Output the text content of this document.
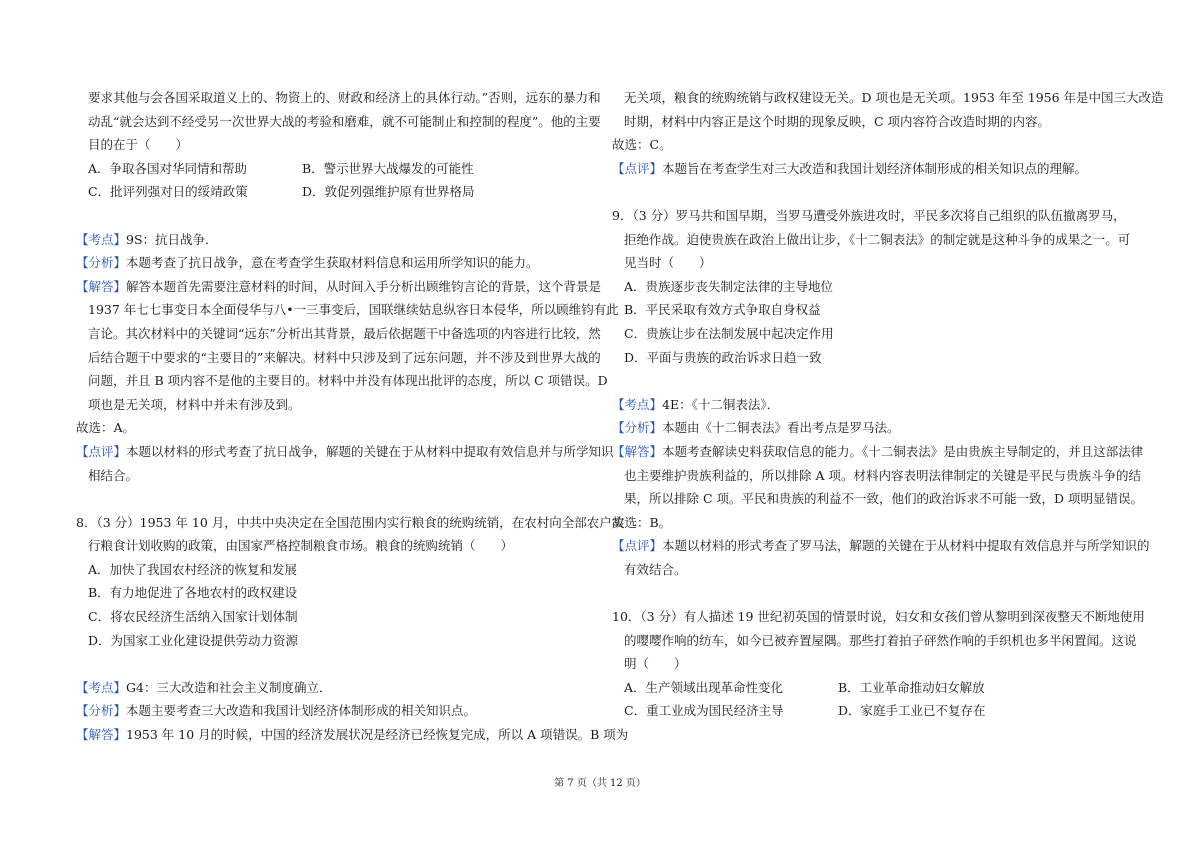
要求其他与会各国采取道义上的、物资上的、财政和经济上的具体行动。”否则，远东的暴力和
动乱“就会达到不经受另一次世界大战的考验和磨难，就不可能制止和控制的程度”。他的主要
目的在于（　　）
A．争取各国对华同情和帮助	B．警示世界大战爆发的可能性
C．批评列强对日的绥靖政策	D．敦促列强维护原有世界格局
【考点】9S：抗日战争．
【分析】本题考查了抗日战争，意在考查学生获取材料信息和运用所学知识的能力。
【解答】解答本题首先需要注意材料的时间，从时间入手分析出顾维钧言论的背景，这个背景是
1937 年七七事变日本全面侵华与八•一三事变后，国联继续姑息纵容日本侵华，所以顾维钧有此
言论。其次材料中的关键词“远东”分析出其背景，最后依据题干中备选项的内容进行比较，然
后结合题干中要求的“主要目的”来解决。材料中只涉及到了远东问题，并不涉及到世界大战的
问题，并且 B 项内容不是他的主要目的。材料中并没有体现出批评的态度，所以 C 项错误。D
项也是无关项，材料中并未有涉及到。
故选：A。
【点评】本题以材料的形式考查了抗日战争，解题的关键在于从材料中提取有效信息并与所学知识
相结合。
8．（3 分）1953 年 10 月，中共中央决定在全国范围内实行粮食的统购统销，在农村向全部农户实
行粮食计划收购的政策，由国家严格控制粮食市场。粮食的统购统销（　　）
A．加快了我国农村经济的恢复和发展
B．有力地促进了各地农村的政权建设
C．将农民经济生活纳入国家计划体制
D．为国家工业化建设提供劳动力资源
【考点】G4：三大改造和社会主义制度确立．
【分析】本题主要考查三大改造和我国计划经济体制形成的相关知识点。
【解答】1953 年 10 月的时候，中国的经济发展状况是经济已经恢复完成，所以 A 项错误。B 项为
无关项，粮食的统购统销与政权建设无关。D 项也是无关项。1953 年至 1956 年是中国三大改造
时期，材料中内容正是这个时期的现象反映，C 项内容符合改造时期的内容。
故选：C。
【点评】本题旨在考查学生对三大改造和我国计划经济体制形成的相关知识点的理解。
9．（3 分）罗马共和国早期，当罗马遭受外族进攻时，平民多次将自己组织的队伍撤离罗马，
拒绝作战。迫使贵族在政治上做出让步，《十二铜表法》的制定就是这种斗争的成果之一。可
见当时（　　）
A．贵族逐步丧失制定法律的主导地位
B．平民采取有效方式争取自身权益
C．贵族让步在法制发展中起决定作用
D．平面与贵族的政治诉求日趋一致
【考点】4E：《十二铜表法》．
【分析】本题由《十二铜表法》看出考点是罗马法。
【解答】本题考查解读史料获取信息的能力。《十二铜表法》是由贵族主导制定的，并且这部法律
也主要维护贵族利益的，所以排除 A 项。材料内容表明法律制定的关键是平民与贵族斗争的结
果，所以排除 C 项。平民和贵族的利益不一致，他们的政治诉求不可能一致，D 项明显错误。
故选：B。
【点评】本题以材料的形式考查了罗马法，解题的关键在于从材料中提取有效信息并与所学知识的
有效结合。
10．（3 分）有人描述 19 世纪初英国的情景时说，妇女和女孩们曾从黎明到深夜整天不断地使用
的嘤嘤作响的纺车，如今已被弃置屋隅。那些打着拍子砰然作响的手织机也多半闲置闻。这说
明（　　）
A．生产领域出现革命性变化	B．工业革命推动妇女解放
C．重工业成为国民经济主导	D．家庭手工业已不复存在
第 7 页（共 12 页）
